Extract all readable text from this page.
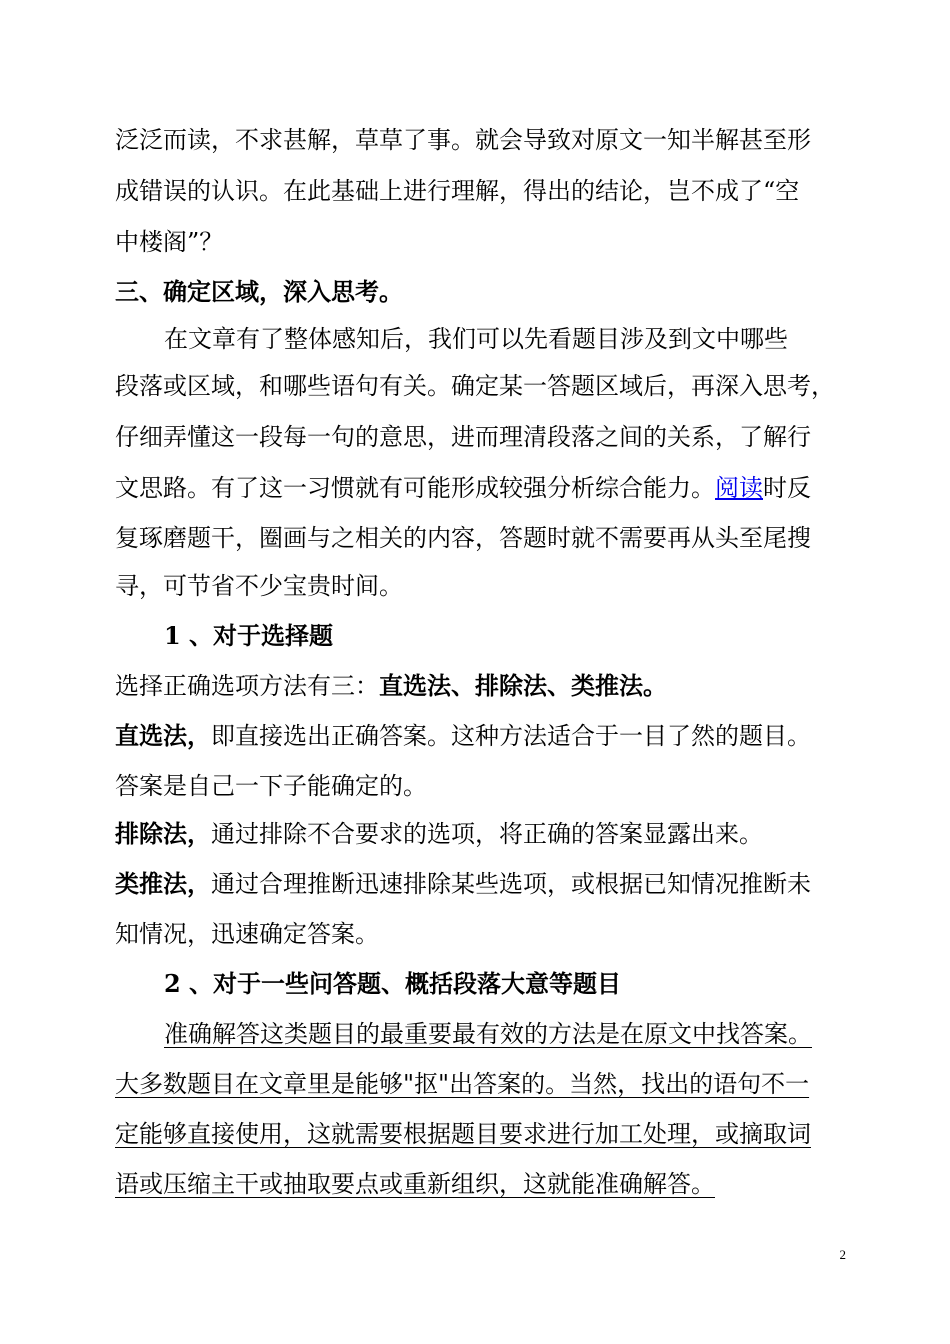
泛泛而读，不求甚解，草草了事。就会导致对原文一知半解甚至形
成错误的认识。在此基础上进行理解，得出的结论，岂不成了“空
中楼阁”？
三、确定区域，深入思考。
在文章有了整体感知后，我们可以先看题目涉及到文中哪些
段落或区域，和哪些语句有关。确定某一答题区域后，再深入思考，
仔细弄懂这一段每一句的意思，进而理清段落之间的关系，了解行
文思路。有了这一习惯就有可能形成较强分析综合能力。阅读时反
复琢磨题干，圈画与之相关的内容，答题时就不需要再从头至尾搜
寻，可节省不少宝贵时间。
1 、对于选择题
选择正确选项方法有三：直选法、排除法、类推法。
直选法，即直接选出正确答案。这种方法适合于一目了然的题目。
答案是自己一下子能确定的。
排除法，通过排除不合要求的选项，将正确的答案显露出来。
类推法，通过合理推断迅速排除某些选项，或根据已知情况推断未
知情况，迅速确定答案。
2 、对于一些问答题、概括段落大意等题目
准确解答这类题目的最重要最有效的方法是在原文中找答案。
大多数题目在文章里是能够"抠"出答案的。当然，找出的语句不一
定能够直接使用，这就需要根据题目要求进行加工处理，或摘取词
语或压缩主干或抽取要点或重新组织，这就能准确解答。
2
